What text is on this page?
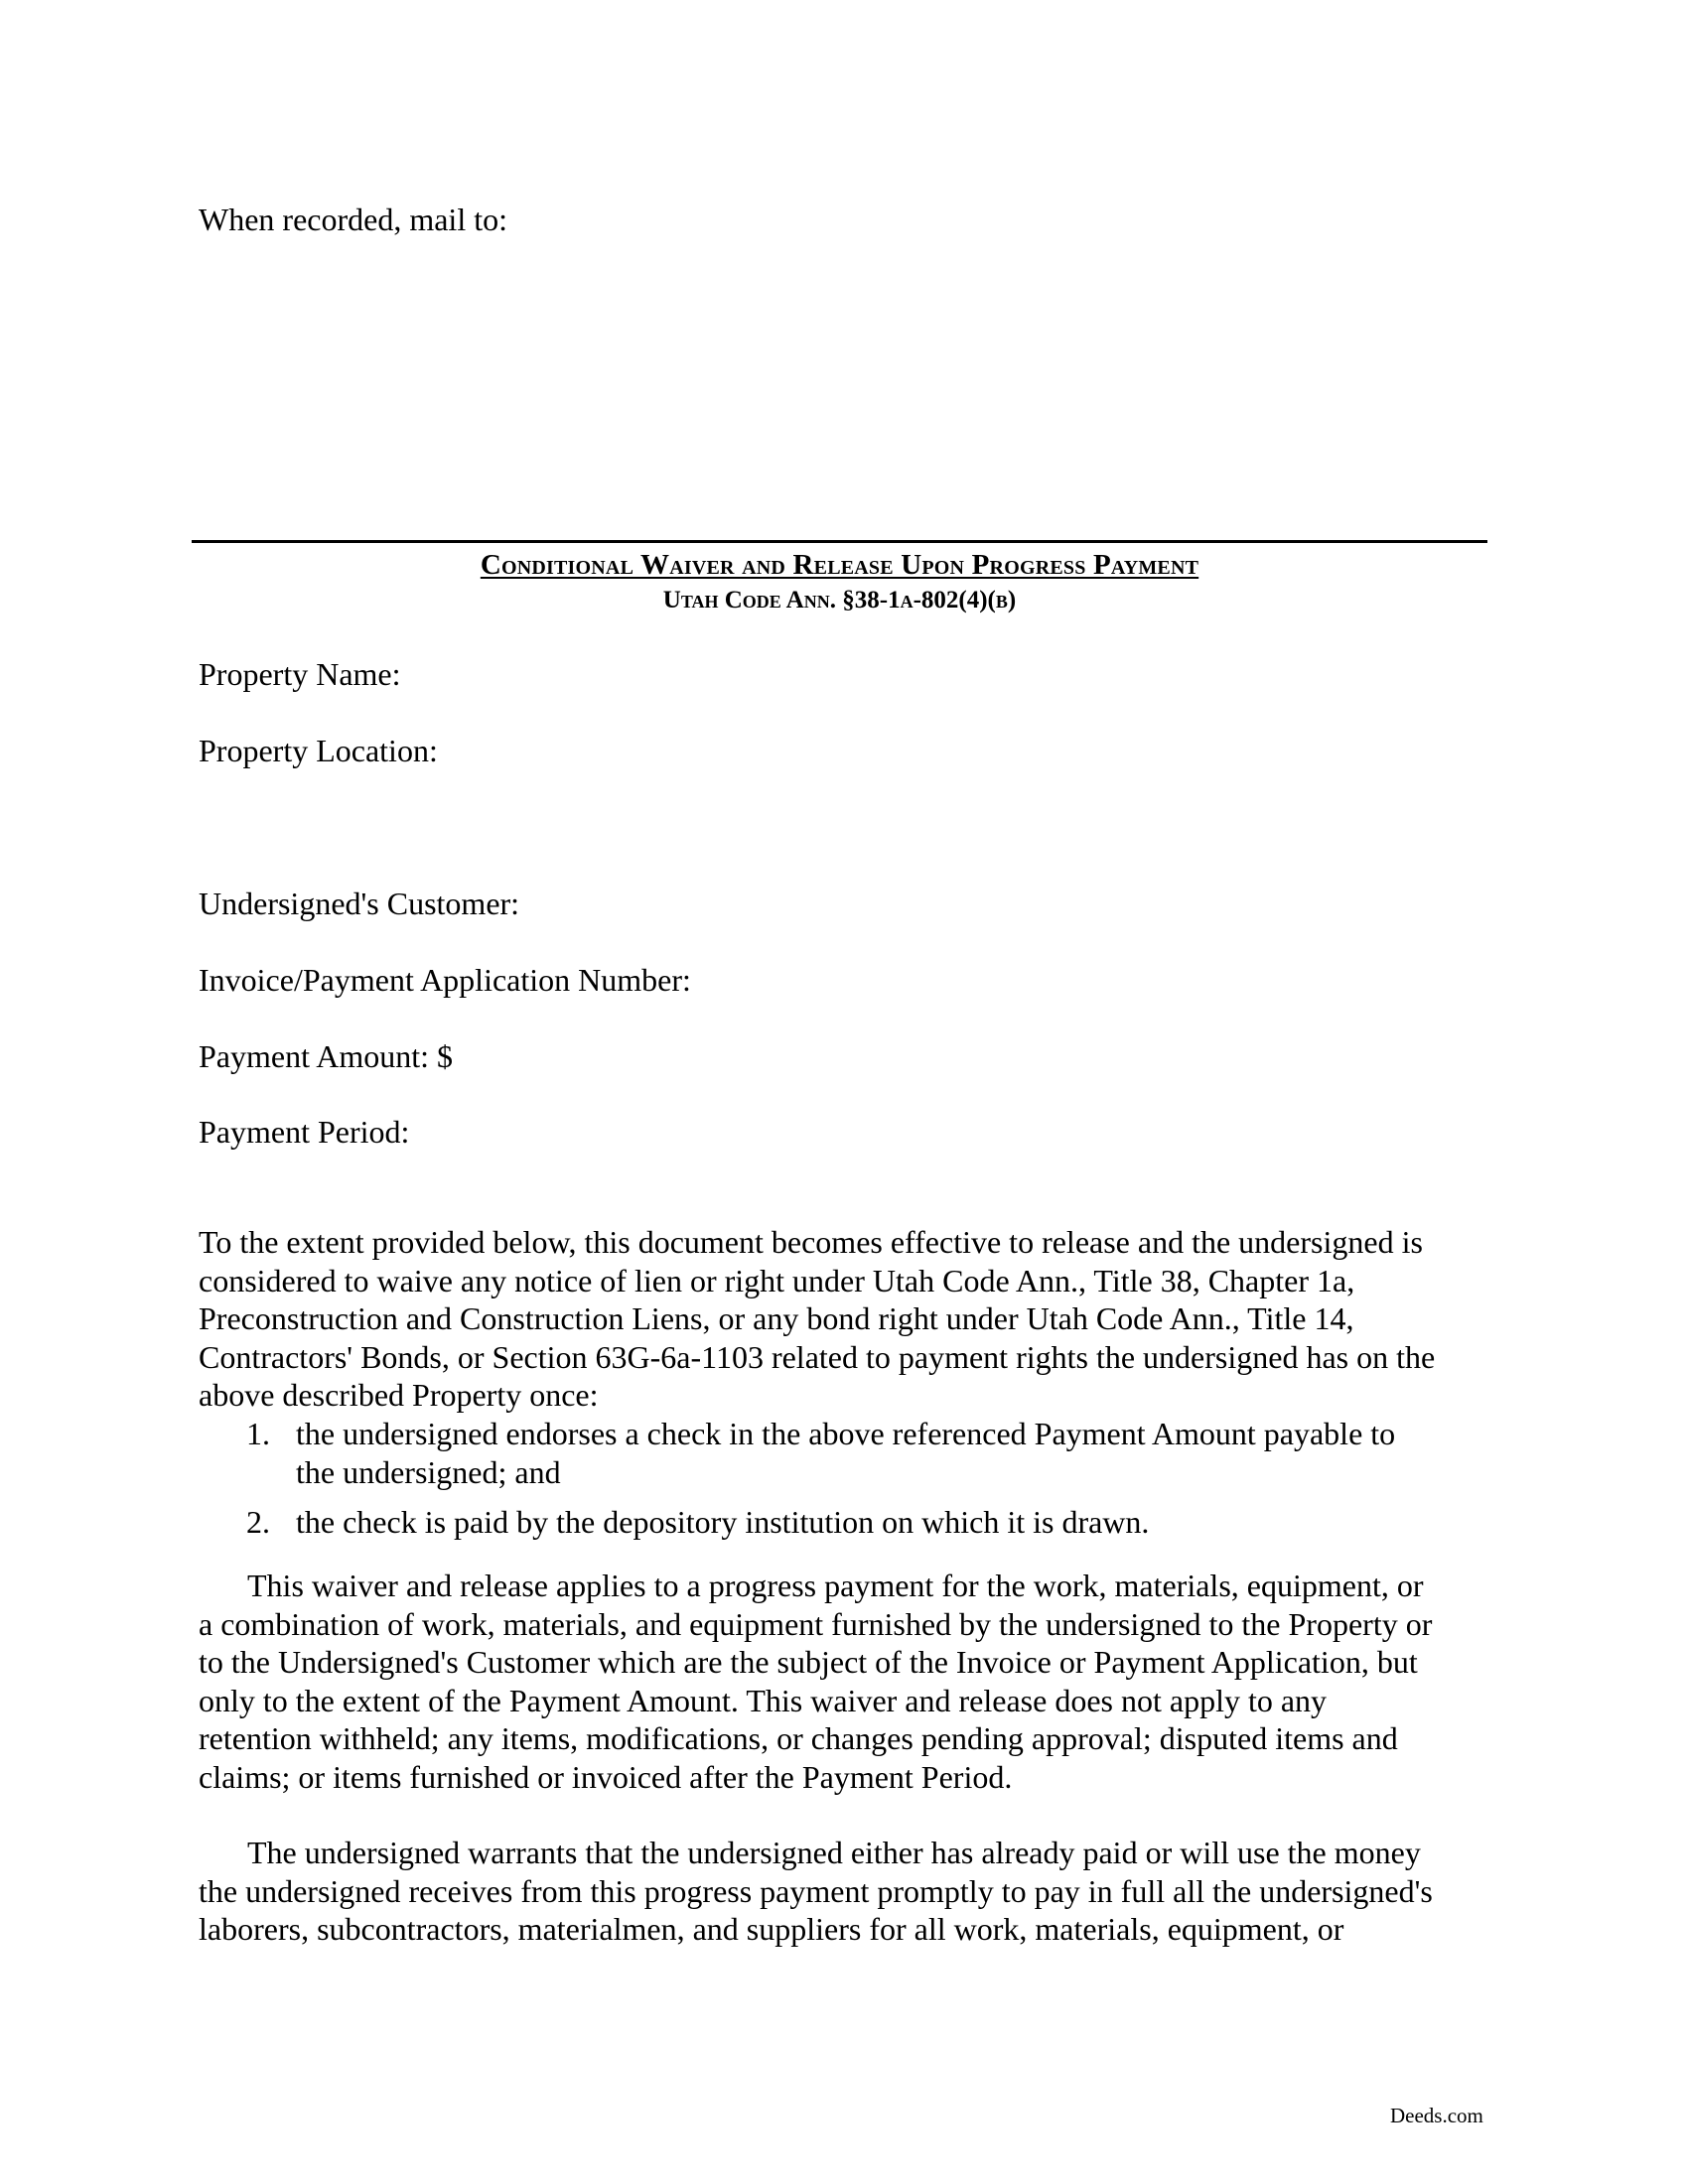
When recorded, mail to:
Conditional Waiver and Release Upon Progress Payment
Utah Code Ann. §38-1a-802(4)(b)
Property Name:
Property Location:
Undersigned's Customer:
Invoice/Payment Application Number:
Payment Amount: $
Payment Period:
To the extent provided below, this document becomes effective to release and the undersigned is
considered to waive any notice of lien or right under Utah Code Ann., Title 38, Chapter 1a,
Preconstruction and Construction Liens, or any bond right under Utah Code Ann., Title 14,
Contractors' Bonds, or Section 63G-6a-1103 related to payment rights the undersigned has on the
above described Property once:
1. the undersigned endorses a check in the above referenced Payment Amount payable to
the undersigned; and
2. the check is paid by the depository institution on which it is drawn.
This waiver and release applies to a progress payment for the work, materials, equipment, or
a combination of work, materials, and equipment furnished by the undersigned to the Property or
to the Undersigned's Customer which are the subject of the Invoice or Payment Application, but
only to the extent of the Payment Amount. This waiver and release does not apply to any
retention withheld; any items, modifications, or changes pending approval; disputed items and
claims; or items furnished or invoiced after the Payment Period.
The undersigned warrants that the undersigned either has already paid or will use the money
the undersigned receives from this progress payment promptly to pay in full all the undersigned's
laborers, subcontractors, materialmen, and suppliers for all work, materials, equipment, or
Deeds.com
